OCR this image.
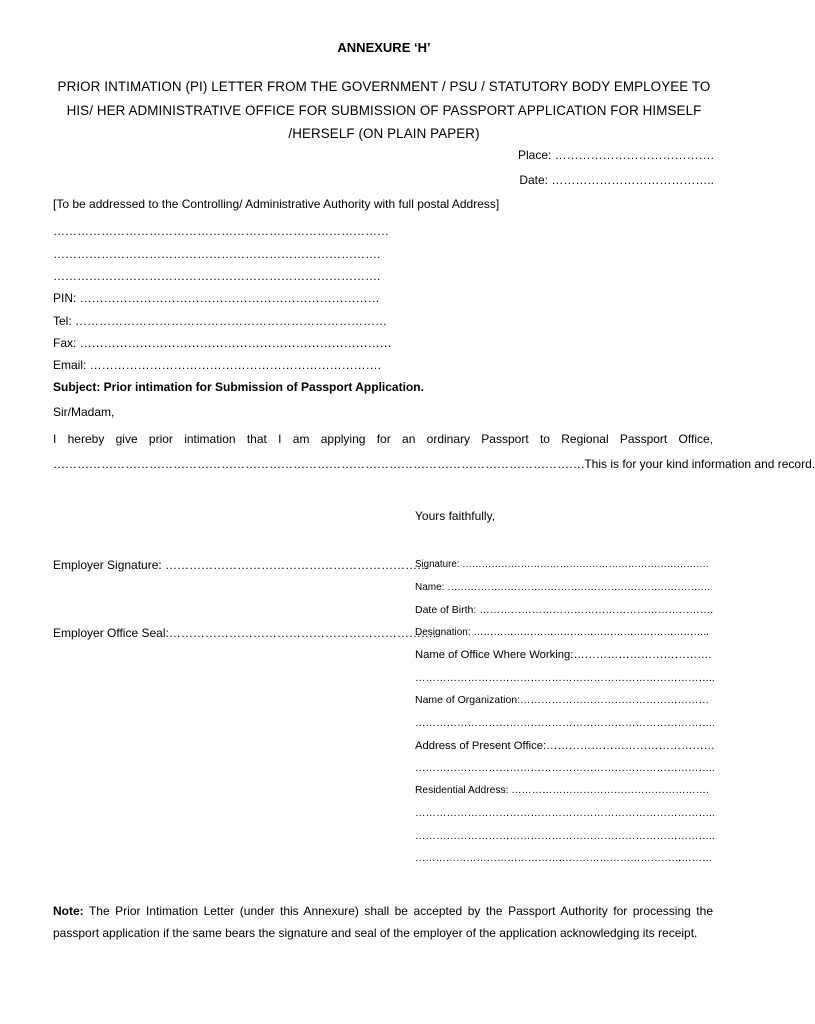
ANNEXURE ‘H’
PRIOR INTIMATION (PI) LETTER FROM THE GOVERNMENT / PSU / STATUTORY BODY EMPLOYEE TO
HIS/ HER ADMINISTRATIVE OFFICE FOR SUBMISSION OF PASSPORT APPLICATION FOR HIMSELF
/HERSELF (ON PLAIN PAPER)
Place: ………………………………….
Date: …………………………………..
[To be addressed to the Controlling/ Administrative Authority with full postal Address]
…………………………………………………………………………
……………………………………………………………………….
……………………………………………………………………….
PIN: …………………………………………………………………
Tel: ……………………………………………………………………
Fax: ……………………………………………………………………
Email: ……………………………………………………………….
Subject: Prior intimation for Submission of Passport Application.
Sir/Madam,
I hereby give prior intimation that I am applying for an ordinary Passport to Regional Passport Office,
……………………………………………………………………………………………………………………. This is for your kind information and record.
Yours faithfully,
Employer Signature: …………………………………………………………
Employer Office Seal:………………………………………………………….
Signature: ………………………………………………………………….
Name: …………………………………………………………………….
Date of Birth: ………………………………………………………….
Designation: ……………………………………………………………..
Name of Office Where Working:……………………………….
…………………………………………………………………………..
Name of Organization:………………………………………………
…………………………………………………………………………..
Address of Present Office:………………………………………
…………………………………………………………………………..
Residential Address: ………………………………………………….
…………………………………………………………………………..
…………………………………………………………………………..
……………………………………………………………………………
Note: The Prior Intimation Letter (under this Annexure) shall be accepted by the Passport Authority for processing the passport application if the same bears the signature and seal of the employer of the application acknowledging its receipt.
